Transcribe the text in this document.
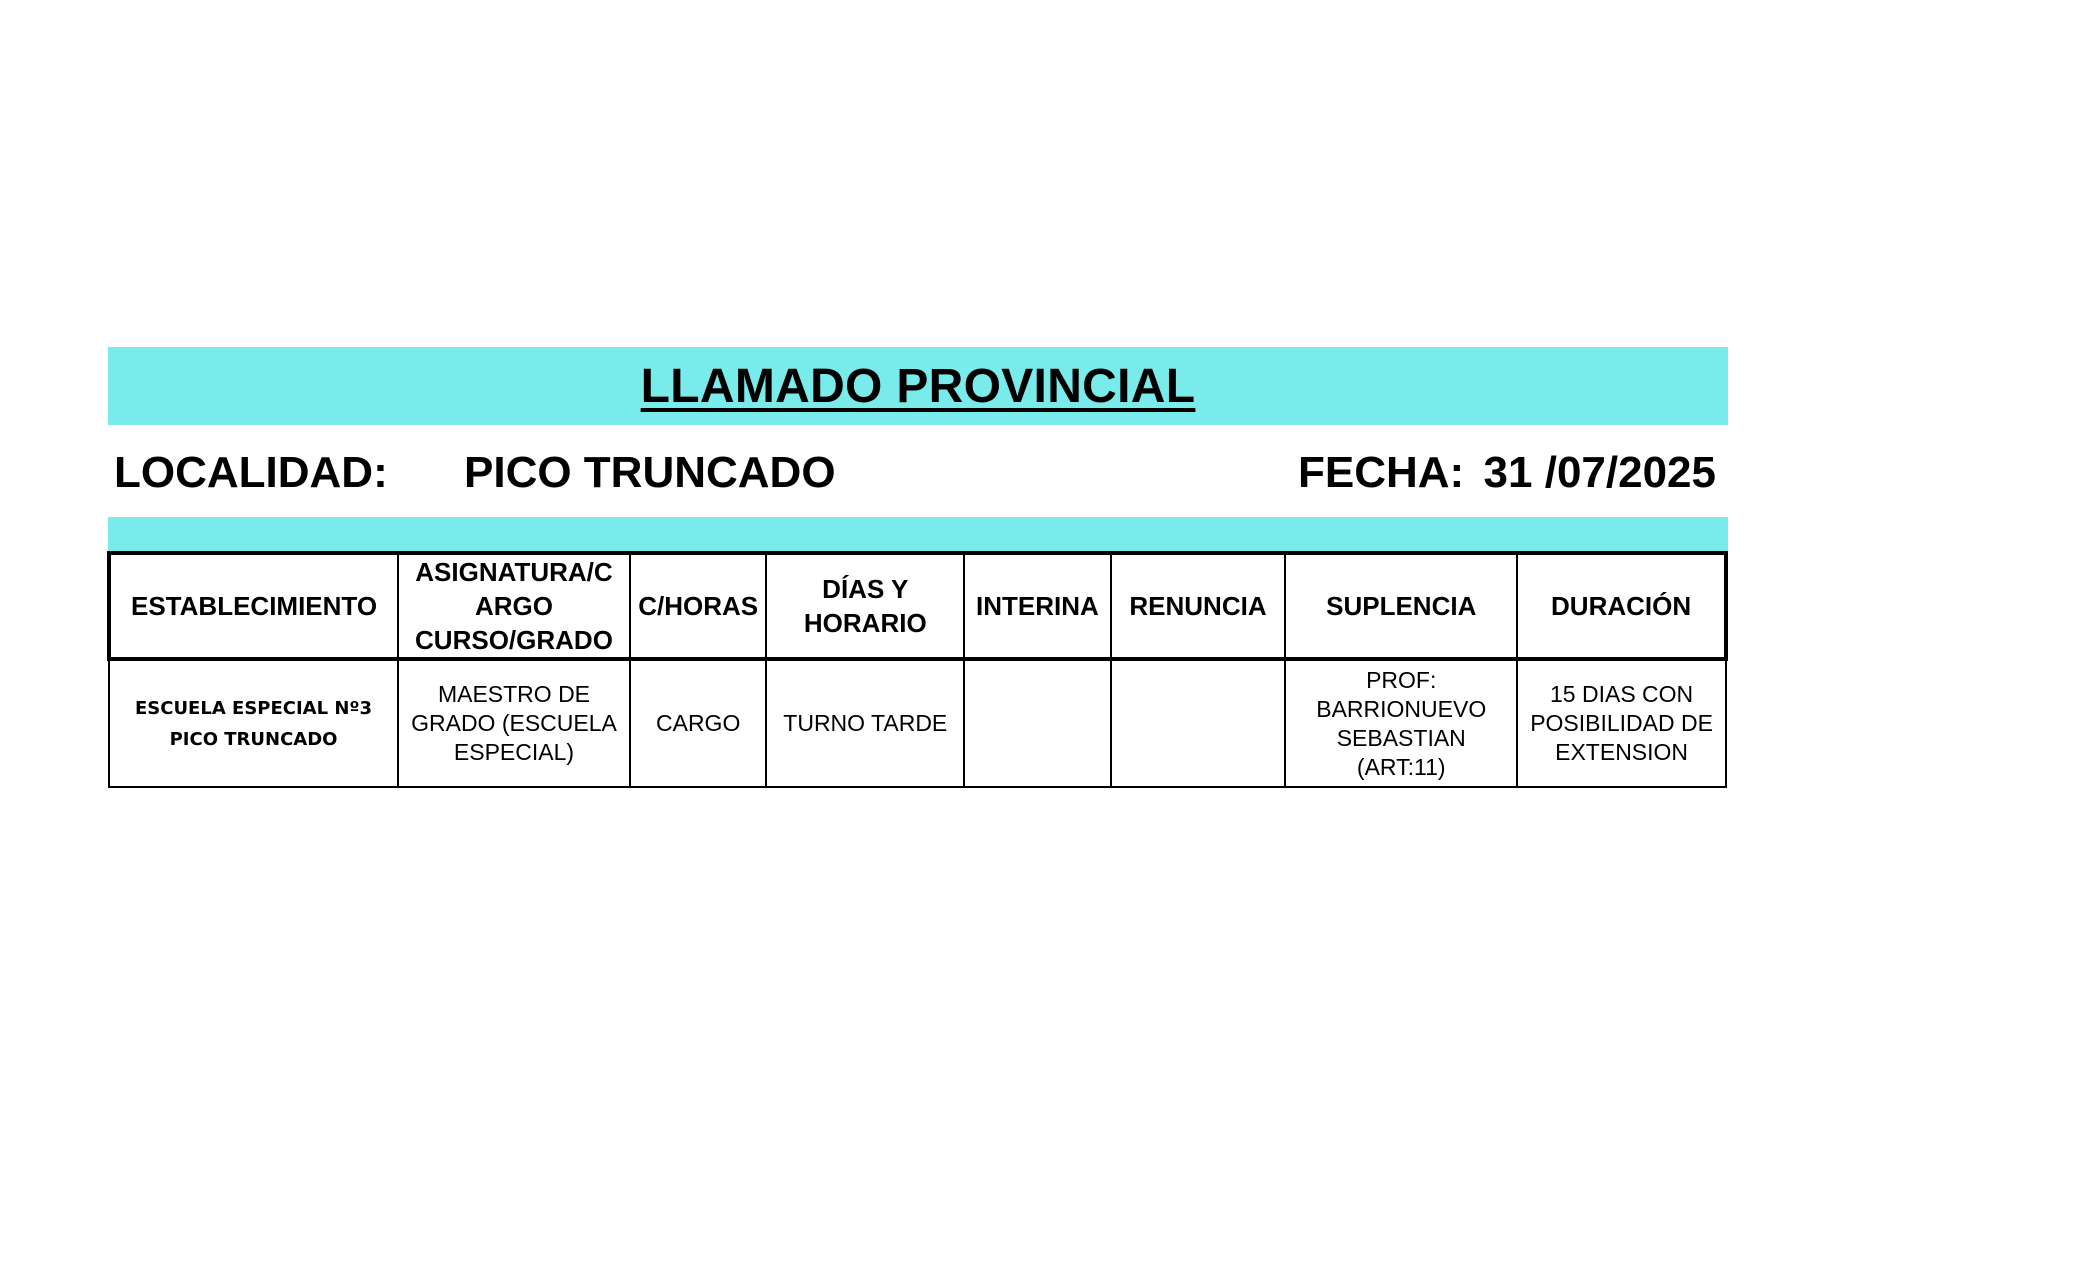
LLAMADO PROVINCIAL
LOCALIDAD: PICO TRUNCADO	FECHA: 31 /07/2025
ESTABLECIMIENTO	ASIGNATURA/C ARGO CURSO/GRADO	C/HORAS	DÍAS Y HORARIO	INTERINA	RENUNCIA	SUPLENCIA	DURACIÓN
ESCUELA ESPECIAL Nº3 PICO TRUNCADO	MAESTRO DE GRADO (ESCUELA ESPECIAL)	CARGO	TURNO TARDE			PROF: BARRIONUEVO SEBASTIAN (ART:11)	15 DIAS CON POSIBILIDAD DE EXTENSION
